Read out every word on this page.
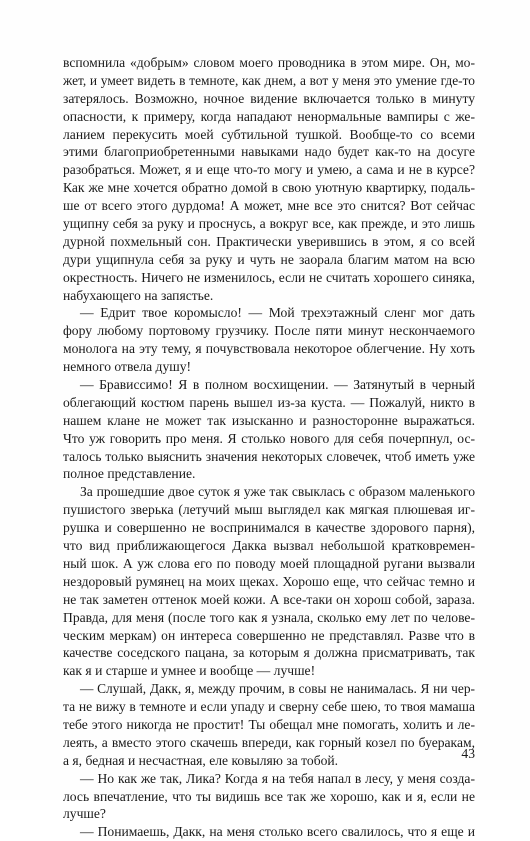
вспомнила «добрым» словом моего проводника в этом мире. Он, мо-
жет, и умеет видеть в темноте, как днем, а вот у меня это умение где-то
затерялось. Возможно, ночное видение включается только в минуту
опасности, к примеру, когда нападают ненормальные вампиры с же-
ланием перекусить моей субтильной тушкой. Вообще-то со всеми
этими благоприобретенными навыками надо будет как-то на досуге
разобраться. Может, я и еще что-то могу и умею, а сама и не в курсе?
Как же мне хочется обратно домой в свою уютную квартирку, подаль-
ше от всего этого дурдома! А может, мне все это снится? Вот сейчас
ущипну себя за руку и проснусь, а вокруг все, как прежде, и это лишь
дурной похмельный сон. Практически уверившись в этом, я со всей
дури ущипнула себя за руку и чуть не заорала благим матом на всю
окрестность. Ничего не изменилось, если не считать хорошего синяка,
набухающего на запястье.
— Едрит твое коромысло! — Мой трехэтажный сленг мог дать
фору любому портовому грузчику. После пяти минут нескончаемого
монолога на эту тему, я почувствовала некоторое облегчение. Ну хоть
немного отвела душу!
— Брависсимо! Я в полном восхищении. — Затянутый в черный
облегающий костюм парень вышел из-за куста. — Пожалуй, никто в
нашем клане не может так изысканно и разносторонне выражаться.
Что уж говорить про меня. Я столько нового для себя почерпнул, ос-
талось только выяснить значения некоторых словечек, чтоб иметь уже
полное представление.
За прошедшие двое суток я уже так свыклась с образом маленького
пушистого зверька (летучий мыш выглядел как мягкая плюшевая иг-
рушка и совершенно не воспринимался в качестве здорового парня),
что вид приближающегося Дакка вызвал небольшой кратковремен-
ный шок. А уж слова его по поводу моей площадной ругани вызвали
нездоровый румянец на моих щеках. Хорошо еще, что сейчас темно и
не так заметен оттенок моей кожи. А все-таки он хорош собой, зараза.
Правда, для меня (после того как я узнала, сколько ему лет по челове-
ческим меркам) он интереса совершенно не представлял. Разве что в
качестве соседского пацана, за которым я должна присматривать, так
как я и старше и умнее и вообще — лучше!
— Слушай, Дакк, я, между прочим, в совы не нанималась. Я ни чер-
та не вижу в темноте и если упаду и сверну себе шею, то твоя мамаша
тебе этого никогда не простит! Ты обещал мне помогать, холить и ле-
леять, а вместо этого скачешь впереди, как горный козел по буеракам,
а я, бедная и несчастная, еле ковыляю за тобой.
— Но как же так, Лика? Когда я на тебя напал в лесу, у меня создa-
лось впечатление, что ты видишь все так же хорошо, как и я, если не
лучше?
— Понимаешь, Дакк, на меня столько всего свалилось, что я еще и
43
